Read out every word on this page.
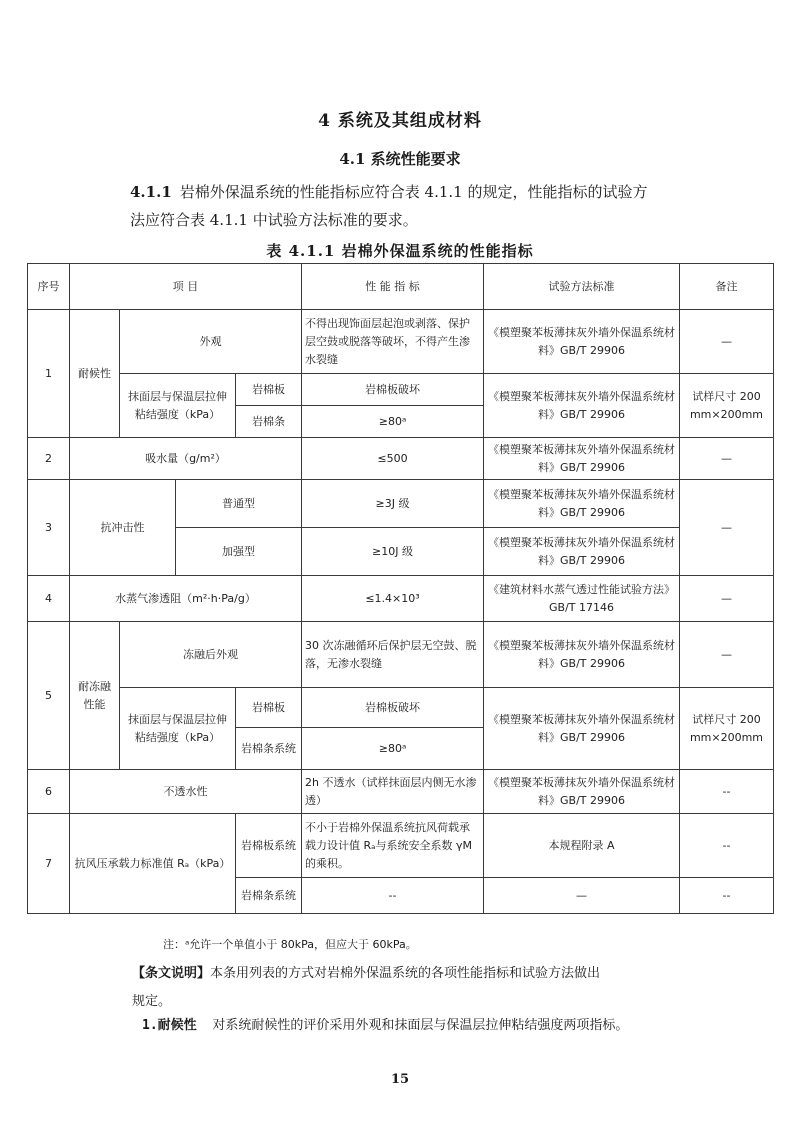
4 系统及其组成材料
4.1 系统性能要求
4.1.1 岩棉外保温系统的性能指标应符合表 4.1.1 的规定，性能指标的试验方
法应符合表 4.1.1 中试验方法标准的要求。
表 4.1.1 岩棉外保温系统的性能指标
序号	项 目				性 能 指 标	试验方法标准	备注
1	耐候性	外观			不得出现饰面层起泡或剥落、保护层空鼓或脱落等破坏，不得产生渗水裂缝	《模塑聚苯板薄抹灰外墙外保温系统材料》GB/T 29906	—
		抹面层与保温层拉伸粘结强度（kPa）		岩棉板	岩棉板破坏	《模塑聚苯板薄抹灰外墙外保温系统材料》GB/T 29906	试样尺寸 200 mm×200mm
				岩棉条	≥80ᵃ		
2	吸水量（g/m²）				≤500	《模塑聚苯板薄抹灰外墙外保温系统材料》GB/T 29906	—
3	抗冲击性		普通型		≥3J 级	《模塑聚苯板薄抹灰外墙外保温系统材料》GB/T 29906	—
			加强型		≥10J 级	《模塑聚苯板薄抹灰外墙外保温系统材料》GB/T 29906	
4	水蒸气渗透阻（m²·h·Pa/g）				≤1.4×10³	《建筑材料水蒸气透过性能试验方法》GB/T 17146	—
5	耐冻融性能	冻融后外观			30 次冻融循环后保护层无空鼓、脱落，无渗水裂缝	《模塑聚苯板薄抹灰外墙外保温系统材料》GB/T 29906	—
		抹面层与保温层拉伸粘结强度（kPa）		岩棉板	岩棉板破坏	《模塑聚苯板薄抹灰外墙外保温系统材料》GB/T 29906	试样尺寸 200 mm×200mm
				岩棉条系统	≥80ᵃ		
6	不透水性				2h 不透水（试样抹面层内侧无水渗透）	《模塑聚苯板薄抹灰外墙外保温系统材料》GB/T 29906	--
7	抗风压承载力标准值 Rₐ（kPa）			岩棉板系统	不小于岩棉外保温系统抗风荷载承载力设计值 Rₐ与系统安全系数 γM 的乘积。	本规程附录 A	--
				岩棉条系统	--	—	--
注：ᵃ允许一个单值小于 80kPa，但应大于 60kPa。
【条文说明】本条用列表的方式对岩棉外保温系统的各项性能指标和试验方法做出
规定。
1.耐候性 对系统耐候性的评价采用外观和抹面层与保温层拉伸粘结强度两项指标。
15
